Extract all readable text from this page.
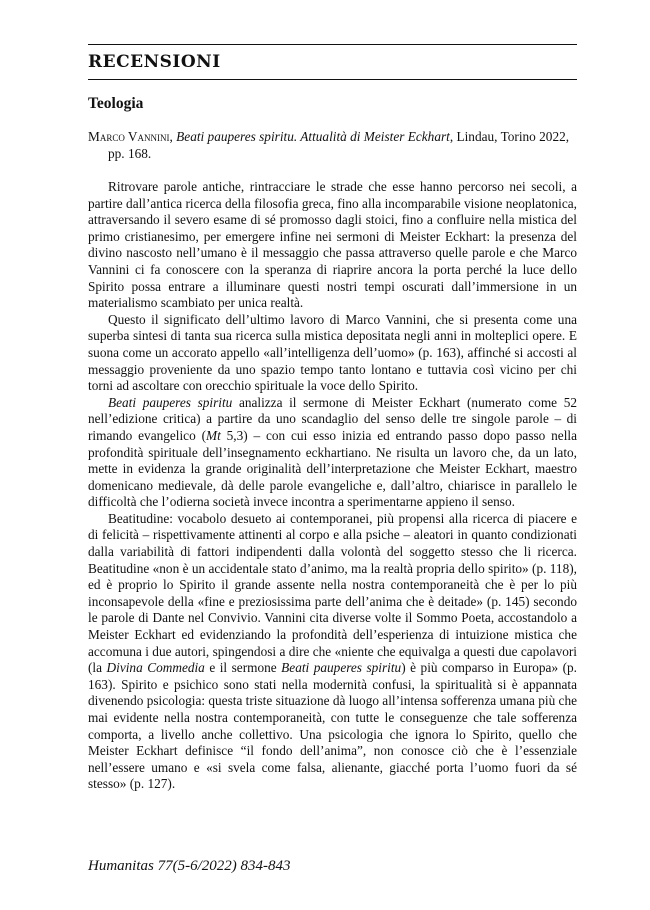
RECENSIONI
Teologia
Marco Vannini, Beati pauperes spiritu. Attualità di Meister Eckhart, Lindau, Torino 2022, pp. 168.

Ritrovare parole antiche, rintracciare le strade che esse hanno percorso nei secoli, a partire dall’antica ricerca della filosofia greca, fino alla incomparabile visione neoplatonica, attraversando il severo esame di sé promosso dagli stoici, fino a confluire nella mistica del primo cristianesimo, per emergere infine nei sermoni di Meister Eckhart: la presenza del divino nascosto nell’umano è il messaggio che passa attraverso quelle parole e che Marco Vannini ci fa conoscere con la speranza di riaprire ancora la porta perché la luce dello Spirito possa entrare a illuminare questi nostri tempi oscurati dall’immersione in un materialismo scambiato per unica realtà.

Questo il significato dell’ultimo lavoro di Marco Vannini, che si presenta come una superba sintesi di tanta sua ricerca sulla mistica depositata negli anni in molteplici opere. E suona come un accorato appello «all’intelligenza dell’uomo» (p. 163), affinché si accosti al messaggio proveniente da uno spazio tempo tanto lontano e tuttavia così vicino per chi torni ad ascoltare con orecchio spirituale la voce dello Spirito.

Beati pauperes spiritu analizza il sermone di Meister Eckhart (numerato come 52 nell’edizione critica) a partire da uno scandaglio del senso delle tre singole parole – di rimando evangelico (Mt 5,3) – con cui esso inizia ed entrando passo dopo passo nella profondità spirituale dell’insegnamento eckhartiano. Ne risulta un lavoro che, da un lato, mette in evidenza la grande originalità dell’interpretazione che Meister Eckhart, maestro domenicano medievale, dà delle parole evangeliche e, dall’altro, chiarisce in parallelo le difficoltà che l’odierna società invece incontra a sperimentarne appieno il senso.

Beatitudine: vocabolo desueto ai contemporanei, più propensi alla ricerca di piacere e di felicità – rispettivamente attinenti al corpo e alla psiche – aleatori in quanto condizionati dalla variabilità di fattori indipendenti dalla volontà del soggetto stesso che li ricerca. Beatitudine «non è un accidentale stato d’animo, ma la realtà propria dello spirito» (p. 118), ed è proprio lo Spirito il grande assente nella nostra contemporaneità che è per lo più inconsapevole della «fine e preziosissima parte dell’anima che è deitade» (p. 145) secondo le parole di Dante nel Convivio. Vannini cita diverse volte il Sommo Poeta, accostandolo a Meister Eckhart ed evidenziando la profondità dell’esperienza di intuizione mistica che accomuna i due autori, spingendosi a dire che «niente che equivalga a questi due capolavori (la Divina Commedia e il sermone Beati pauperes spiritu) è più comparso in Europa» (p. 163). Spirito e psichico sono stati nella modernità confusi, la spiritualità si è appannata divenendo psicologia: questa triste situazione dà luogo all’intensa sofferenza umana più che mai evidente nella nostra contemporaneità, con tutte le conseguenze che tale sofferenza comporta, a livello anche collettivo. Una psicologia che ignora lo Spirito, quello che Meister Eckhart definisce “il fondo dell’anima”, non conosce ciò che è l’essenziale nell’essere umano e «si svela come falsa, alienante, giacché porta l’uomo fuori da sé stesso» (p. 127).

Humanitas 77(5-6/2022) 834-843
